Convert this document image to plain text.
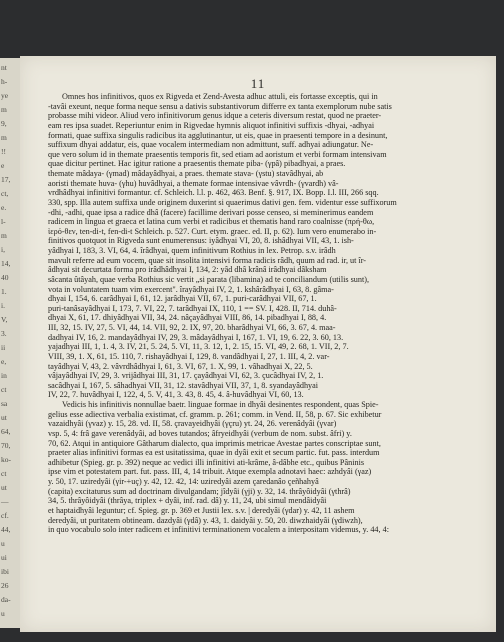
nt
h-
ye
m
9,
m
!!
e
17,
ct,
e.
l-
m
i,
14,
40
1.
i.
V,
3.
ii
e,
in
ct
sa
ut
64,
70,
ko-
ct
ut
—
cf.
44,
u
ui
ibi
26
da-
u
11
Omnes hos infinitivos, quos ex Rigveda et Zend-Avesta adhuc attuli, eis fortasse exceptis, qui in
-tavâi exeunt, neque forma neque sensu a dativis substantivorum differre ex tanta exemplorum nube satis
probasse mihi videor. Aliud vero infinitivorum genus idque a ceteris diversum restat, quod ne praeter-
eam res ipsa suadet. Reperiuntur enim in Rigvedae hymnis aliquot infinitivi suffixis -dhyai, -adhyai
formati, quae suffixa singulis radicibus ita agglutinantur, ut eis, quae in praesenti tempore in a desinunt,
suffixum dhyai addatur, eis, quae vocalem intermediam non admittunt, suff. adhyai adiungatur. Ne-
que vero solum id in themate praesentis temporis fit, sed etiam ad aoristum et verbi formam intensivam
quae dicitur pertinet. Hac igitur ratione a praesentis themate piba- (γpâ) pibadhyai, a praes.
themate mâdaya- (γmad) mâdayâdhyai, a praes. themate stava- (γstu) stavâdhyai, ab
aoristi themate huva- (γhu) huvâdhyai, a themate formae intensivae vâvrdh- (γvardh) vâ-
vrdhâdhyai infinitivi formantur. cf. Schleich. l.l. p. 462, 463. Benf. §. 917, IX. Bopp. I.l. III, 266 sqq.
330, spp. Illa autem suffixa unde originem duxerint si quaerimus dativi gen. fem. videntur esse suffixorum
-dhi, -adhi, quae ipsa a radice dhâ (facere) facillime derivari posse censeo, si meminerimus eandem
radicem in lingua et graeca et latina cum verbi et radicibus et thematis hand raro coalnisse (πρή-θω,
ἱερό-θεν, ten-di-t, fen-di-t Schleich. p. 527. Curt. etym. graec. ed. II, p. 62). Ium vero enumerabo in-
finitivos quotquot in Rigveda sunt enumerensus: iyâdhyai VI, 20, 8. ishâdhyai VII, 43, 1. ish-
yâdhyai I, 183, 3. VI, 64, 4. îrâdhyai, quem infinitivum Rothius in lex. Petrop. s.v. irâdh
mavult referre ad eum vocem, quae sit insolita intensivi forma radicis râdh, quum ad rad. ir, ut îr-
âdhyai sit decurtata forma pro irâdhâdhyai I, 134, 2: yâd dhâ krânâ irâdhyai dâksham
sâcanta ûtâyah, quae verba Rothius sic vertit „si parata (libamina) ad te conciliandum (utilis sunt),
vota in voluntatem tuam vim exercent". îrayâdhyai IV, 2, 1. kshârâdhyai I, 63, 8. gâma-
dhyai I, 154, 6. carâdhyai I, 61, 12. jarâdhyai VII, 67, 1. puri-carâdhyai VII, 67, 1.
puri-tanâsayâdhyai I, 173, 7. VI, 22, 7. tarâdhyai IX, 110, 1 == SV. I, 428. II, 714. duhâ-
dhyai X, 61, 17. dhiyâdhyai VII, 34, 24. nâçayâdhyai VIII, 86, 14. pibadhyai I, 88, 4.
III, 32, 15. IV, 27, 5. VI, 44, 14. VII, 92, 2. IX, 97, 20. bharâdhyai VI, 66, 3. 67, 4. maa-
dadhyai IV, 16, 2. mandayâdhyai IV, 29, 3. mâdayâdhyai I, 167, 1. VI, 19, 6. 22, 3. 60, 13.
yajadhyai III, 1, 1. 4, 3. IV, 21, 5. 24, 5. VI, 11, 3. 12, 1, 2. 15, 15. VI, 49, 2. 68, 1. VII, 2, 7.
VIII, 39, 1. X, 61, 15. 110, 7. rishayâdhyai I, 129, 8. vandâdhyai I, 27, 1. III, 4, 2. var-
tayâdhyai V, 43, 2. vâvrdhâdhyai I, 61, 3. VI, 67, 1. X, 99, 1. vâhadhyai X, 22, 5.
vâjayâdhyai IV, 29, 3. vrijâdhyai III, 31, 17. çayâdhyai VI, 62, 3. çucâdhyai IV, 2, 1.
sacâdhyai I, 167, 5. sâhadhyai VII, 31, 12. stavâdhyai VII, 37, 1, 8. syandayâdhyai
IV, 22, 7. huvâdhyai I, 122, 4, 5. V, 41, 3. 43, 8. 45, 4. â-huvâdhyai VI, 60, 13.
Vedicis his infinitivis nonnullae baetr. linguae formae in dhyâi desinentes respondent, quas Spie-
gelius esse adiectiva verbalia existimat, cf. gramm. p. 261; comm. in Vend. II, 58, p. 67. Sic exhibetur
vazaidhyâi (γvaz) y. 15, 28. vd. II, 58. çravayeidhyâi (γçru) yt. 24, 26. verenâdyâi (γvar)
vsp. 5, 4: frâ gave verenâdyâi, ad boves tutandos; âfryeidhyâi (verbum de nom. subst. âfri) y.
70, 62. Atqui in antiquiore Gâtharum dialecto, qua imprimis metricae Avestae partes conscriptae sunt,
praeter alias infinitivi formas ea est usitatissima, quae in dyâi exit et secum partic. fut. pass. interdum
adhibetur (Spieg. gr. p. 392) neque ac vedici illi infinitivi ati-krâme, â-dâbhe etc., quibus Pâninis
ipse vim et potestatem part. fut. pass. III, 4, 14 tribuit. Atque exempla adnotavi haec: azhdyâi (γaz)
y. 50, 17. uziredyâi (γir-+uç) y. 42, 12. 42, 14: uziredyâi azem çaredanâo çeñhahyâ
(capita) excitaturus sum ad doctrinam divulgandam; jîdyâi (γji) y. 32, 14. thrâyôidyâi (γthrâ)
34, 5. thrâyôidyâi (thrâya, triplex + dyâi, inf. rad. dâ) y. 11, 24, ubi simul mendâidyâi
et haptaidhyâi leguntur; cf. Spieg. gr. p. 369 et Justii lex. s.v. | deredyâi (γdar) y. 42, 11 ashem
deredyâi, ut puritatem obtineam. dazdyâi (γdâ) y. 43, 1. daidyâi y. 50, 20. diwzhaidyâi (γdiwzh),
in quo vocabulo solo inter radicem et infinitivi terminationem vocalem a interpositam videmus, y. 44, 4:
